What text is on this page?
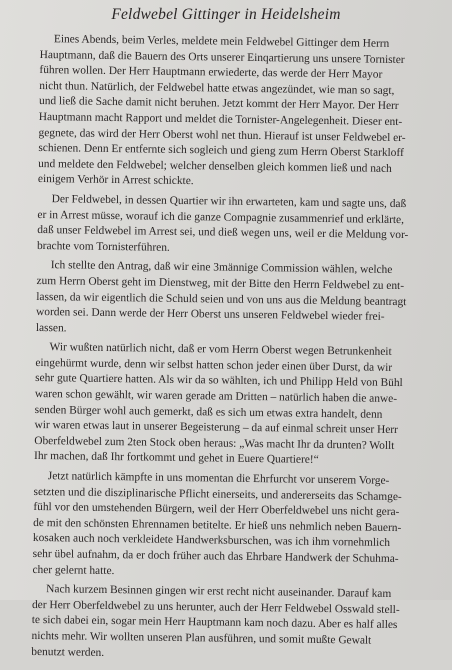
Feldwebel Gittinger in Heidelsheim
Eines Abends, beim Verles, meldete mein Feldwebel Gittinger dem Herrn
Hauptmann, daß die Bauern des Orts unserer Einqartierung uns unsere Tornister
führen wollen. Der Herr Hauptmann erwiederte, das werde der Herr Mayor
nicht thun. Natürlich, der Feldwebel hatte etwas angezündet, wie man so sagt,
und ließ die Sache damit nicht beruhen. Jetzt kommt der Herr Mayor. Der Herr
Hauptmann macht Rapport und meldet die Tornister-Angelegenheit. Dieser ent-
gegnete, das wird der Herr Oberst wohl net thun. Hierauf ist unser Feldwebel er-
schienen. Denn Er entfernte sich sogleich und gieng zum Herrn Oberst Starkloff
und meldete den Feldwebel; welcher denselben gleich kommen ließ und nach
einigem Verhör in Arrest schickte.
Der Feldwebel, in dessen Quartier wir ihn erwarteten, kam und sagte uns, daß
er in Arrest müsse, worauf ich die ganze Compagnie zusammenrief und erklärte,
daß unser Feldwebel im Arrest sei, und dieß wegen uns, weil er die Meldung vor-
brachte vom Tornisterführen.
Ich stellte den Antrag, daß wir eine 3männige Commission wählen, welche
zum Herrn Oberst geht im Dienstweg, mit der Bitte den Herrn Feldwebel zu ent-
lassen, da wir eigentlich die Schuld seien und von uns aus die Meldung beantragt
worden sei. Dann werde der Herr Oberst uns unseren Feldwebel wieder frei-
lassen.
Wir wußten natürlich nicht, daß er vom Herrn Oberst wegen Betrunkenheit
eingehürmt wurde, denn wir selbst hatten schon jeder einen über Durst, da wir
sehr gute Quartiere hatten. Als wir da so wählten, ich und Philipp Held von Bühl
waren schon gewählt, wir waren gerade am Dritten – natürlich haben die anwe-
senden Bürger wohl auch gemerkt, daß es sich um etwas extra handelt, denn
wir waren etwas laut in unserer Begeisterung – da auf einmal schreit unser Herr
Oberfeldwebel zum 2ten Stock oben heraus: „Was macht Ihr da drunten? Wollt
Ihr machen, daß Ihr fortkommt und gehet in Euere Quartiere!“
Jetzt natürlich kämpfte in uns momentan die Ehrfurcht vor unserem Vorge-
setzten und die disziplinarische Pflicht einerseits, und andererseits das Schamge-
fühl vor den umstehenden Bürgern, weil der Herr Oberfeldwebel uns nicht gerа-
de mit den schönsten Ehrennamen betitelte. Er hieß uns nehmlich neben Bauern-
kosaken auch noch verkleidete Handwerksburschen, was ich ihm vornehmlich
sehr übel aufnahm, da er doch früher auch das Ehrbare Handwerk der Schuhma-
cher gelernt hatte.
Nach kurzem Besinnen gingen wir erst recht nicht auseinander. Darauf kam
der Herr Oberfeldwebel zu uns herunter, auch der Herr Feldwebel Osswald stell-
te sich dabei ein, sogar mein Herr Hauptmann kam noch dazu. Aber es half alles
nichts mehr. Wir wollten unseren Plan ausführen, und somit mußte Gewalt
benutzt werden.
